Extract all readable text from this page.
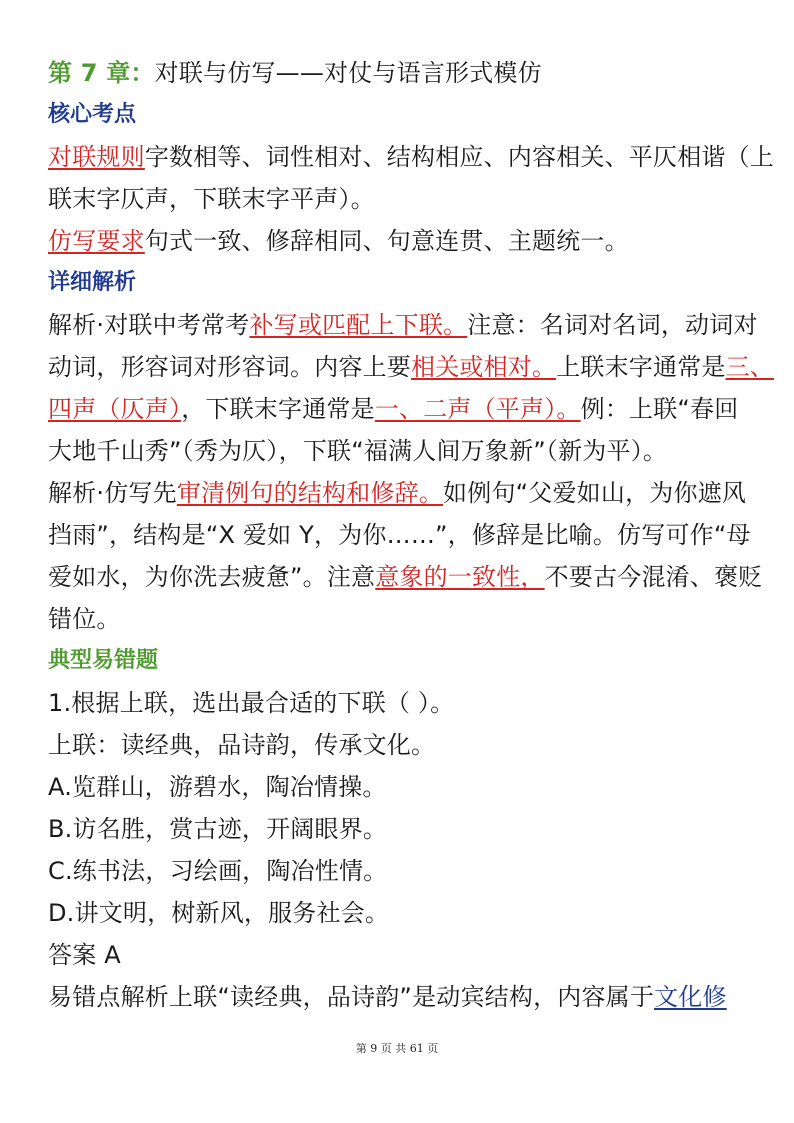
第 7 章：对联与仿写——对仗与语言形式模仿
核心考点
对联规则字数相等、词性相对、结构相应、内容相关、平仄相谐（上
联末字仄声，下联末字平声）。
仿写要求句式一致、修辞相同、句意连贯、主题统一。
详细解析
解析·对联中考常考补写或匹配上下联。注意：名词对名词，动词对
动词，形容词对形容词。内容上要相关或相对。上联末字通常是三、
四声（仄声），下联末字通常是一、二声（平声）。例：上联“春回
大地千山秀”（秀为仄），下联“福满人间万象新”（新为平）。
解析·仿写先审清例句的结构和修辞。如例句“父爱如山，为你遮风
挡雨”，结构是“X 爱如 Y，为你……”，修辞是比喻。仿写可作“母
爱如水，为你洗去疲惫”。注意意象的一致性，不要古今混淆、褒贬
错位。
典型易错题
1.根据上联，选出最合适的下联（ ）。
上联：读经典，品诗韵，传承文化。
A.览群山，游碧水，陶冶情操。
B.访名胜，赏古迹，开阔眼界。
C.练书法，习绘画，陶冶性情。
D.讲文明，树新风，服务社会。
答案 A
易错点解析上联“读经典，品诗韵”是动宾结构，内容属于文化修
第 9 页 共 61 页
